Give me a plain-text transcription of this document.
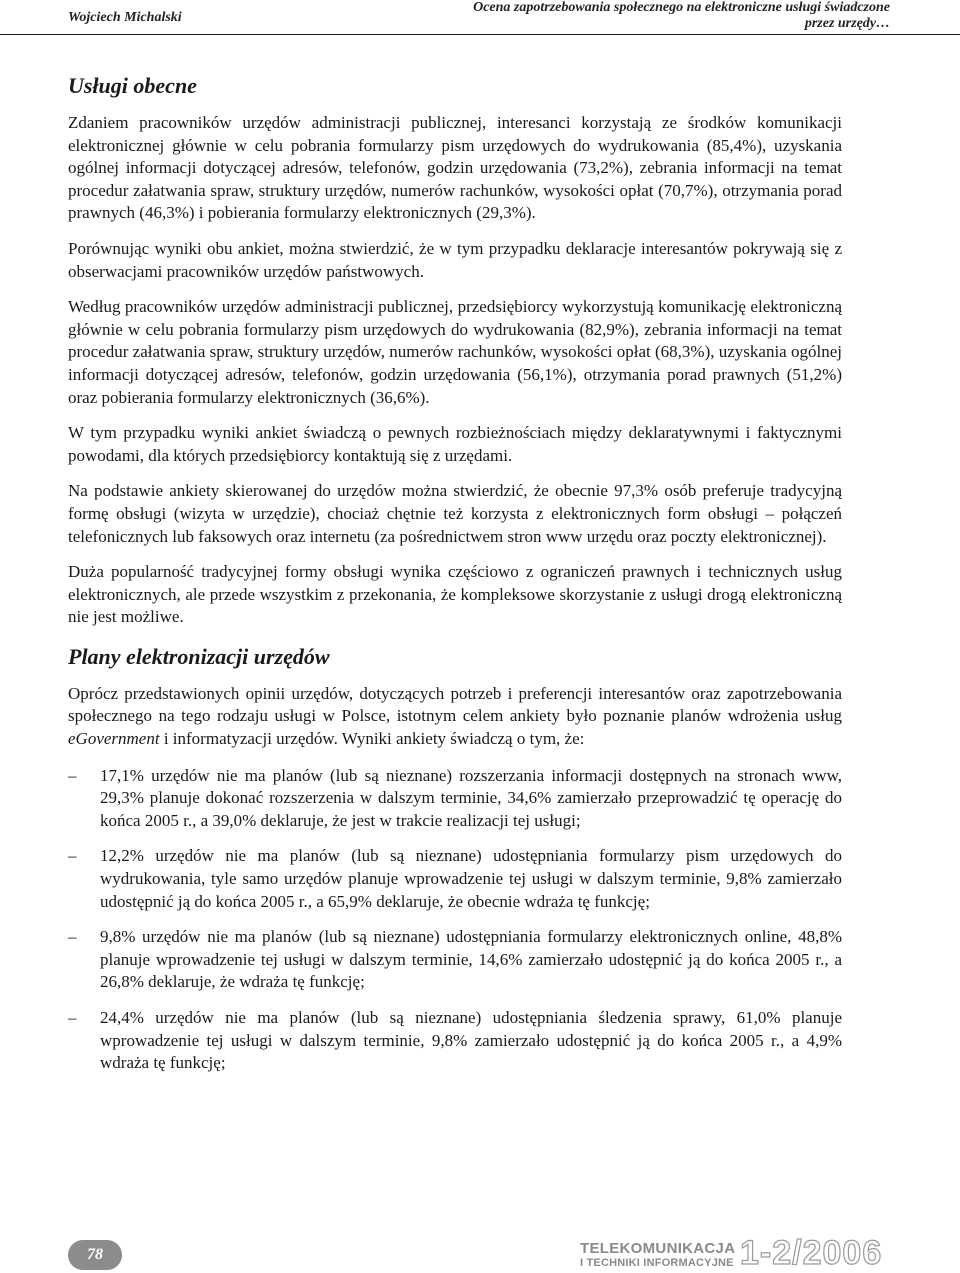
Wojciech Michalski
Ocena zapotrzebowania społecznego na elektroniczne usługi świadczone przez urzędy…
Usługi obecne

Zdaniem pracowników urzędów administracji publicznej, interesanci korzystają ze środków komunikacji elektronicznej głównie w celu pobrania formularzy pism urzędowych do wydrukowania (85,4%), uzyskania ogólnej informacji dotyczącej adresów, telefonów, godzin urzędowania (73,2%), zebrania informacji na temat procedur załatwania spraw, struktury urzędów, numerów rachunków, wysokości opłat (70,7%), otrzymania porad prawnych (46,3%) i pobierania formularzy elektronicznych (29,3%).

Porównując wyniki obu ankiet, można stwierdzić, że w tym przypadku deklaracje interesantów pokrywają się z obserwacjami pracowników urzędów państwowych.

Według pracowników urzędów administracji publicznej, przedsiębiorcy wykorzystują komunikację elektroniczną głównie w celu pobrania formularzy pism urzędowych do wydrukowania (82,9%), zebrania informacji na temat procedur załatwania spraw, struktury urzędów, numerów rachunków, wysokości opłat (68,3%), uzyskania ogólnej informacji dotyczącej adresów, telefonów, godzin urzędowania (56,1%), otrzymania porad prawnych (51,2%) oraz pobierania formularzy elektronicznych (36,6%).

W tym przypadku wyniki ankiet świadczą o pewnych rozbieżnościach między deklaratywnymi i faktycznymi powodami, dla których przedsiębiorcy kontaktują się z urzędami.

Na podstawie ankiety skierowanej do urzędów można stwierdzić, że obecnie 97,3% osób preferuje tradycyjną formę obsługi (wizyta w urzędzie), chociaż chętnie też korzysta z elektronicznych form obsługi – połączeń telefonicznych lub faksowych oraz internetu (za pośrednictwem stron www urzędu oraz poczty elektronicznej).

Duża popularność tradycyjnej formy obsługi wynika częściowo z ograniczeń prawnych i technicznych usług elektronicznych, ale przede wszystkim z przekonania, że kompleksowe skorzystanie z usługi drogą elektroniczną nie jest możliwe.

Plany elektronizacji urzędów

Oprócz przedstawionych opinii urzędów, dotyczących potrzeb i preferencji interesantów oraz zapotrzebowania społecznego na tego rodzaju usługi w Polsce, istotnym celem ankiety było poznanie planów wdrożenia usług eGovernment i informatyzacji urzędów. Wyniki ankiety świadczą o tym, że:

– 17,1% urzędów nie ma planów (lub są nieznane) rozszerzania informacji dostępnych na stronach www, 29,3% planuje dokonać rozszerzenia w dalszym terminie, 34,6% zamierzało przeprowadzić tę operację do końca 2005 r., a 39,0% deklaruje, że jest w trakcie realizacji tej usługi;
– 12,2% urzędów nie ma planów (lub są nieznane) udostępniania formularzy pism urzędowych do wydrukowania, tyle samo urzędów planuje wprowadzenie tej usługi w dalszym terminie, 9,8% zamierzało udostępnić ją do końca 2005 r., a 65,9% deklaruje, że obecnie wdraża tę funkcję;
– 9,8% urzędów nie ma planów (lub są nieznane) udostępniania formularzy elektronicznych online, 48,8% planuje wprowadzenie tej usługi w dalszym terminie, 14,6% zamierzało udostępnić ją do końca 2005 r., a 26,8% deklaruje, że wdraża tę funkcję;
– 24,4% urzędów nie ma planów (lub są nieznane) udostępniania śledzenia sprawy, 61,0% planuje wprowadzenie tej usługi w dalszym terminie, 9,8% zamierzało udostępnić ją do końca 2005 r., a 4,9% wdraża tę funkcję;
78	TELEKOMUNIKACJA
I TECHNIKI INFORMACYJNE 1-2/2006
